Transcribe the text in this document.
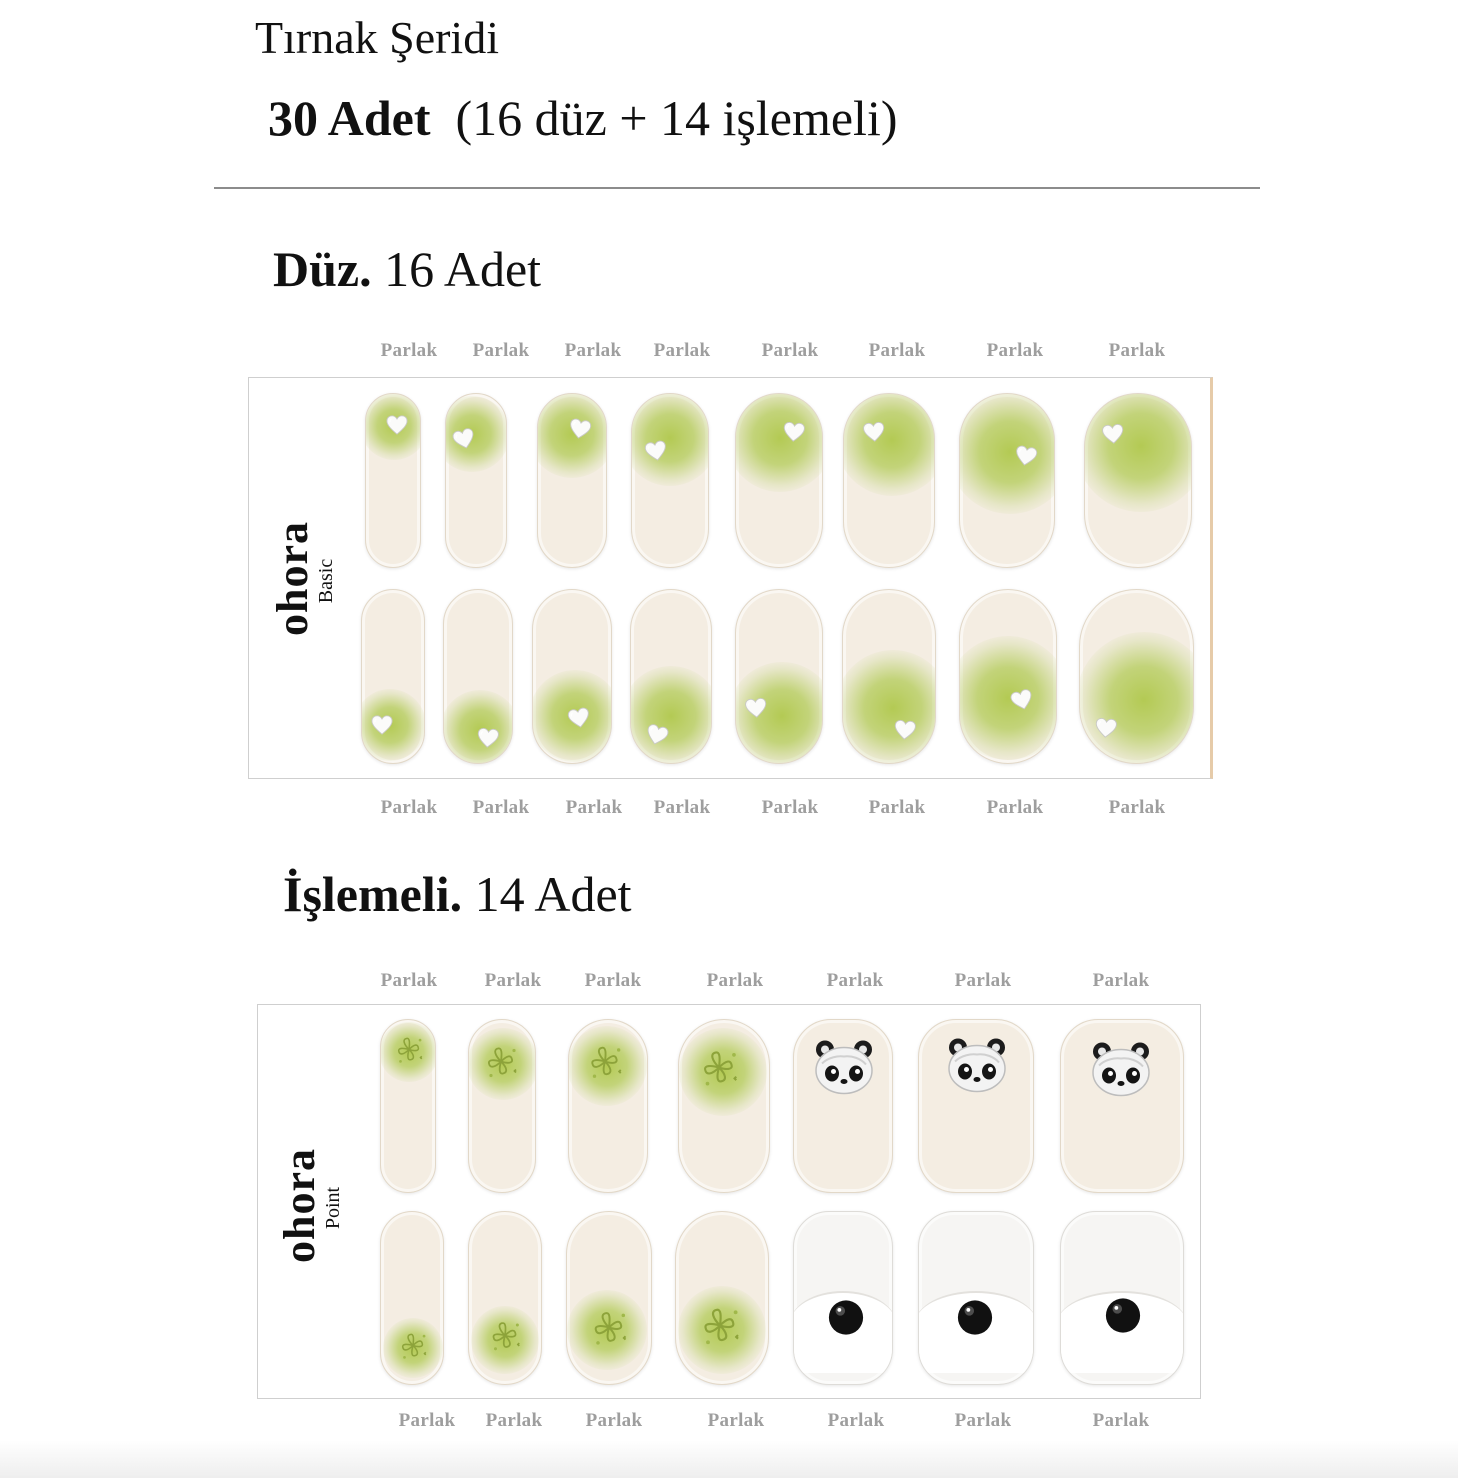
Tırnak Şeridi
30 Adet (16 düz + 14 işlemeli)
Düz. 16 Adet
Parlak Parlak Parlak Parlak	Parlak	Parlak	Parlak	Parlak
ohora
Basic
Parlak Parlak Parlak Parlak	Parlak	Parlak	Parlak	Parlak
İşlemeli. 14 Adet
Parlak Parlak Parlak	Parlak	Parlak	Parlak	Parlak
ohora
Point
Parlak Parlak Parlak	Parlak	Parlak	Parlak	Parlak
